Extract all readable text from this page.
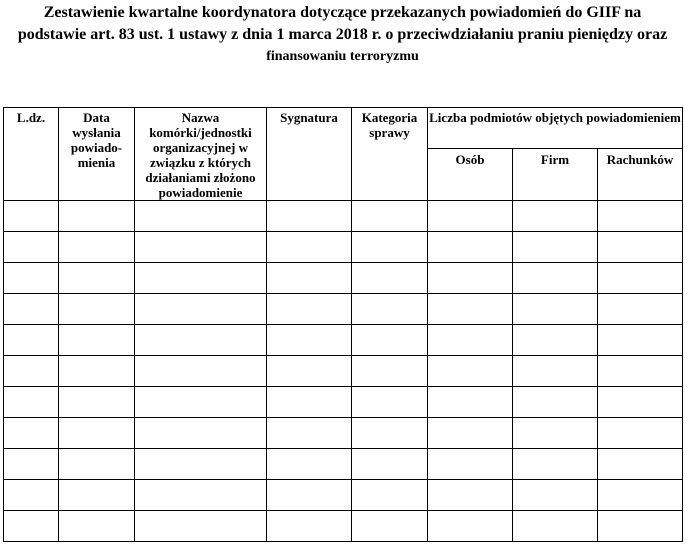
Zestawienie kwartalne koordynatora dotyczące przekazanych powiadomień do GIIF na
podstawie art. 83 ust. 1 ustawy z dnia 1 marca 2018 r. o przeciwdziałaniu praniu pieniędzy oraz
finansowaniu terroryzmu
L.dz.	Data wysłania powiado-mienia	Nazwa komórki/jednostki organizacyjnej w związku z których działaniami złożono powiadomienie	Sygnatura	Kategoria sprawy	Liczba podmiotów objętych powiadomieniem		
					Osób	Firm	Rachunków
